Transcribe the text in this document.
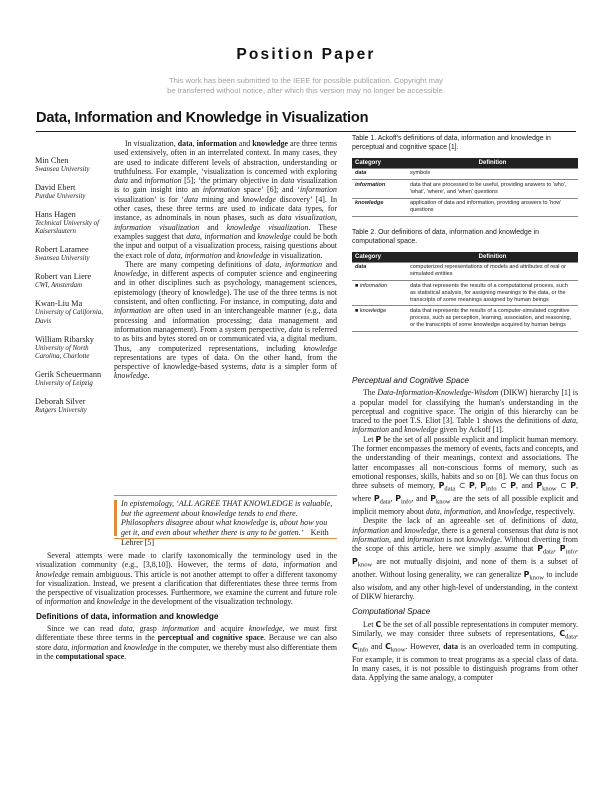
Position Paper
This work has been submitted to the IEEE for possible publication. Copyright may
be transferred without notice, after which this version may no longer be accessible.
Data, Information and Knowledge in Visualization
Min Chen
Swansea University
David Ebert
Purdue University
Hans Hagen
Technical University of Kaiserslautern
Robert Laramee
Swansea University
Robert van Liere
CWI, Amsterdam
Kwan-Liu Ma
University of California, Davis
William Ribarsky
University of North Carolina, Charlotte
Gerik Scheuermann
University of Leipzig
Deborah Silver
Rutgers University

In visualization, data, information and knowledge are three terms used extensively, often in an interrelated context. In many cases, they are used to indicate different levels of abstraction, understanding or truthfulness. For example, ‘visualization is concerned with exploring data and information [5]; ‘the primary objective in data visualization is to gain insight into an information space’ [6]; and ‘information visualization’ is for ‘data mining and knowledge discovery’ [4]. In other cases, these three terms are used to indicate data types, for instance, as adnominals in noun phases, such as data visualization, information visualization and knowledge visualization. These examples suggest that data, information and knowledge could be both the input and output of a visualization process, raising questions about the exact role of data, information and knowledge in visualization.

There are many competing definitions of data, information and knowledge, in different aspects of computer science and engineering and in other disciplines such as psychology, management sciences, epistemology (theory of knowledge). The use of the three terms is not consistent, and often conflicting. For instance, in computing, data and information are often used in an interchangeable manner (e.g., data processing and information processing; data management and information management). From a system perspective, data is referred to as bits and bytes stored on or communicated via, a digital medium. Thus, any computerized representations, including knowledge representations are types of data. On the other hand, from the perspective of knowledge-based systems, data is a simpler form of knowledge.

In epistemology, ‘ALL AGREE THAT KNOWLEDGE is valuable, but the agreement about knowledge tends to end there. Philosophers disagree about what knowledge is, about how you get it, and even about whether there is any to be gotten.’ Keith Lehrer [5]

Several attempts were made to clarify taxonomically the terminology used in the visualization community (e.g., [3,8,10]). However, the terms of data, information and knowledge remain ambiguous. This article is not another attempt to offer a different taxonomy for visualization. Instead, we present a clarification that differentiates these three terms from the perspective of visualization processes. Furthermore, we examine the current and future role of information and knowledge in the development of the visualization technology.

Definitions of data, information and knowledge

Since we can read data, grasp information and acquire knowledge, we must first differentiate these three terms in the perceptual and cognitive space. Because we can also store data, information and knowledge in the computer, we thereby must also differentiate them in the computational space.

Table 1. Ackoff's definitions of data, information and knowledge in perceptual and cognitive space [1].
Category	Definition
data	symbols
information	data that are processed to be useful, providing answers to 'who', 'what', 'where', and 'when' questions
knowledge	application of data and information, providing answers to 'how' questions
Table 2. Our definitions of data, information and knowledge in computational space.
Category	Definition
data	computerized representations of models and attributes of real or simulated entities
■ information	data that represents the results of a computational process, such as statistical analysis, for assigning meanings to the data, or the transcripts of some meanings assigned by human beings
■ knowledge	data that represents the results of a computer-simulated cognitive process, such as perception, learning, association, and reasoning, or the transcripts of some knowledge acquired by human beings
Perceptual and Cognitive Space

The Data-Information-Knowledge-Wisdom (DIKW) hierarchy [1] is a popular model for classifying the human's understanding in the perceptual and cognitive space. The origin of this hierarchy can be traced to the poet T.S. Eliot [3]. Table 1 shows the definitions of data, information and knowledge given by Ackoff [1].

Let P be the set of all possible explicit and implicit human memory. The former encompasses the memory of events, facts and concepts, and the understanding of their meanings, context and associations. The latter encompasses all non-conscious forms of memory, such as emotional responses, skills, habits and so on [8]. We can thus focus on three subsets of memory, $P_{data}$ ⊂ P, $P_{info}$ ⊂ P, and $P_{know}$ ⊂ P, where $P_{data}$, $P_{info}$, and $P_{know}$ are the sets of all possible explicit and implicit memory about data, information, and knowledge, respectively.

Despite the lack of an agreeable set of definitions of data, information and knowledge, there is a general consensus that data is not information, and information is not knowledge. Without diverting from the scope of this article, here we simply assume that $P_{data}$, $P_{info}$, $P_{know}$ are not mutually disjoint, and none of them is a subset of another. Without losing generality, we can generalize $P_{know}$ to include also wisdom, and any other high-level of understanding, in the context of DIKW hierarchy.

Computational Space

Let C be the set of all possible representations in computer memory. Similarly, we may consider three subsets of representations, $C_{data}$, $C_{info}$ and $C_{know}$. However, data is an overloaded term in computing. For example, it is common to treat programs as a special class of data. In many cases, it is not possible to distinguish programs from other data. Applying the same analogy, a computer
